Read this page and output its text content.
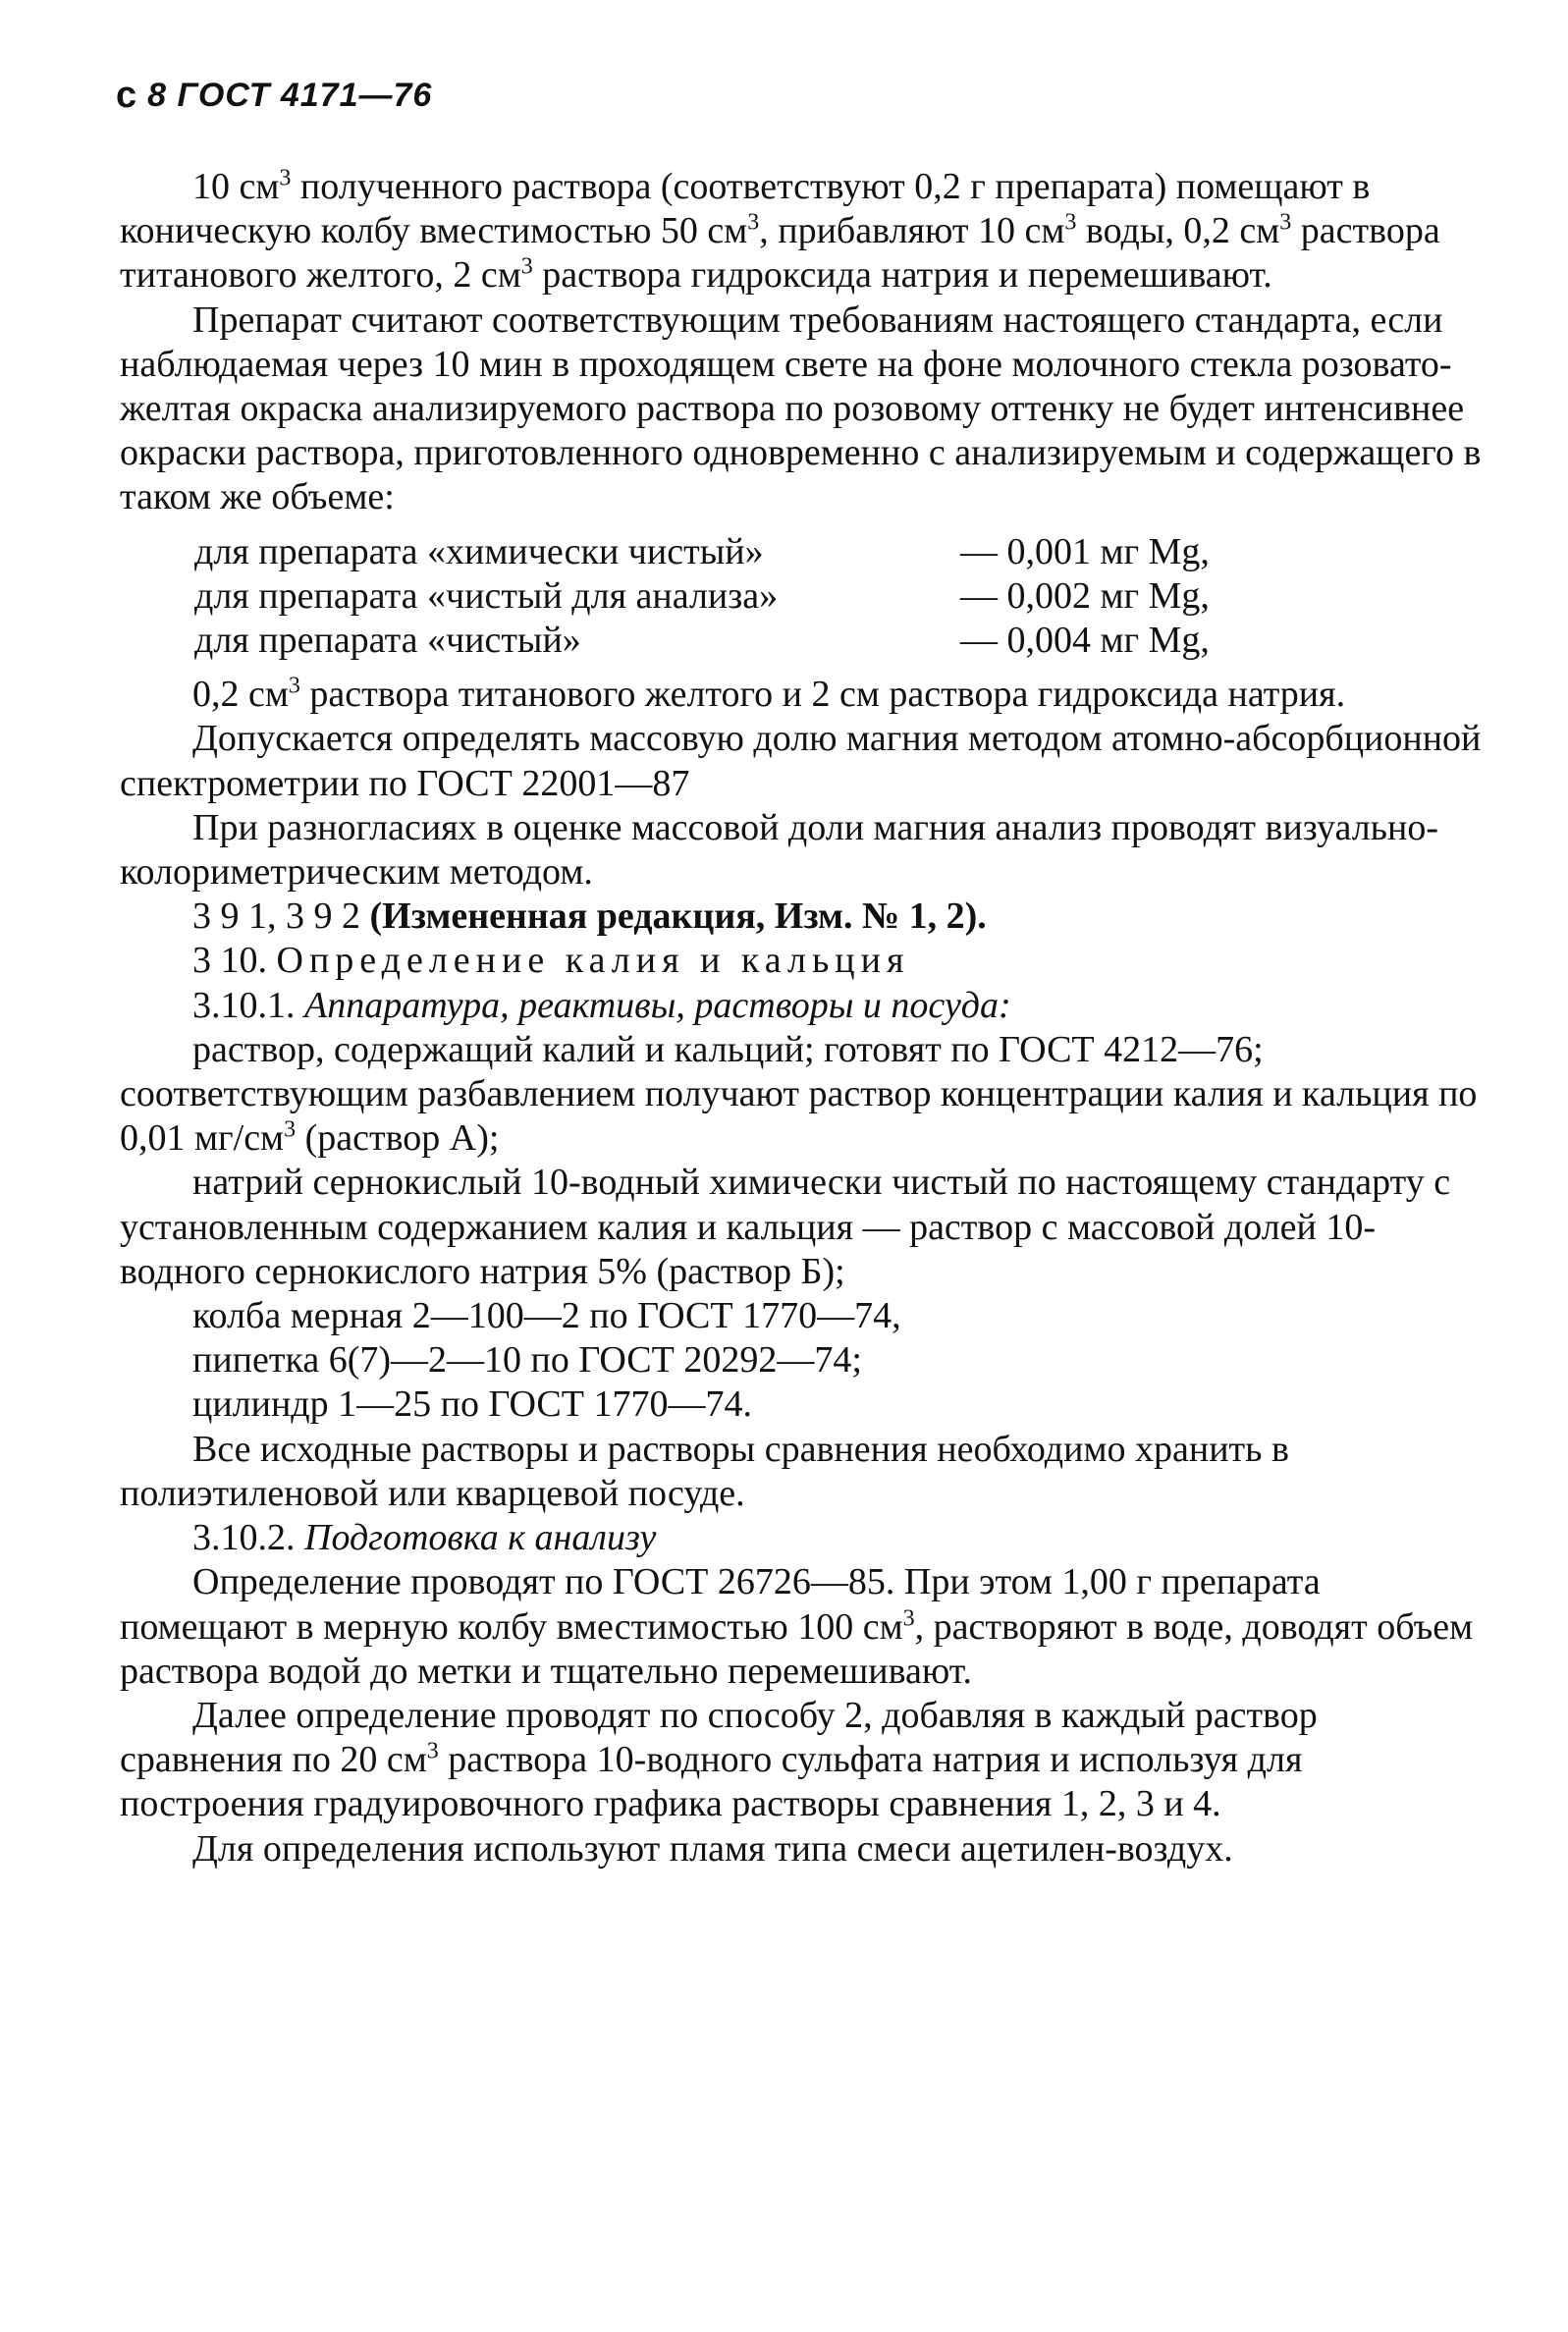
с 8 ГОСТ 4171—76

10 $см^3$ полученного раствора (соответствуют 0,2 г препарата) помещают в коническую колбу вместимостью 50 $см^3$, прибавляют 10 $см^3$ воды, 0,2 $см^3$ раствора титанового желтого, 2 $см^3$ раствора гидроксида натрия и перемешивают.

Препарат считают соответствующим требованиям настоящего стандарта, если наблюдаемая через 10 мин в проходящем свете на фоне молочного стекла розовато-желтая окраска анализируемого раствора по розовому оттенку не будет интенсивнее окраски раствора, приготовленного одновременно с анализируемым и содержащего в таком же объеме:

для препарата «химически чистый»	— 0,001 мг Mg,
для препарата «чистый для анализа»	— 0,002 мг Mg,
для препарата «чистый»	— 0,004 мг Mg,

0,2 $см^3$ раствора титанового желтого и 2 см раствора гидроксида натрия.

Допускается определять массовую долю магния методом атомно-абсорбционной спектрометрии по ГОСТ 22001—87

При разногласиях в оценке массовой доли магния анализ проводят визуально-колориметрическим методом.

3 9 1, 3 9 2 (Измененная редакция, Изм. № 1, 2).

3 10. Определение калия и кальция

3.10.1. Аппаратура, реактивы, растворы и посуда:

раствор, содержащий калий и кальций; готовят по ГОСТ 4212—76; соответствующим разбавлением получают раствор концентрации калия и кальция по 0,01 $мг/см^3$ (раствор А);

натрий сернокислый 10-водный химически чистый по настоящему стандарту с установленным содержанием калия и кальция — раствор с массовой долей 10-водного сернокислого натрия 5% (раствор Б);

колба мерная 2—100—2 по ГОСТ 1770—74,

пипетка 6(7)—2—10 по ГОСТ 20292—74;

цилиндр 1—25 по ГОСТ 1770—74.

Все исходные растворы и растворы сравнения необходимо хранить в полиэтиленовой или кварцевой посуде.

3.10.2. Подготовка к анализу

Определение проводят по ГОСТ 26726—85. При этом 1,00 г препарата помещают в мерную колбу вместимостью 100 $см^3$, растворяют в воде, доводят объем раствора водой до метки и тщательно перемешивают.

Далее определение проводят по способу 2, добавляя в каждый раствор сравнения по 20 $см^3$ раствора 10-водного сульфата натрия и используя для построения градуировочного графика растворы сравнения 1, 2, 3 и 4.

Для определения используют пламя типа смеси ацетилен-воздух.
